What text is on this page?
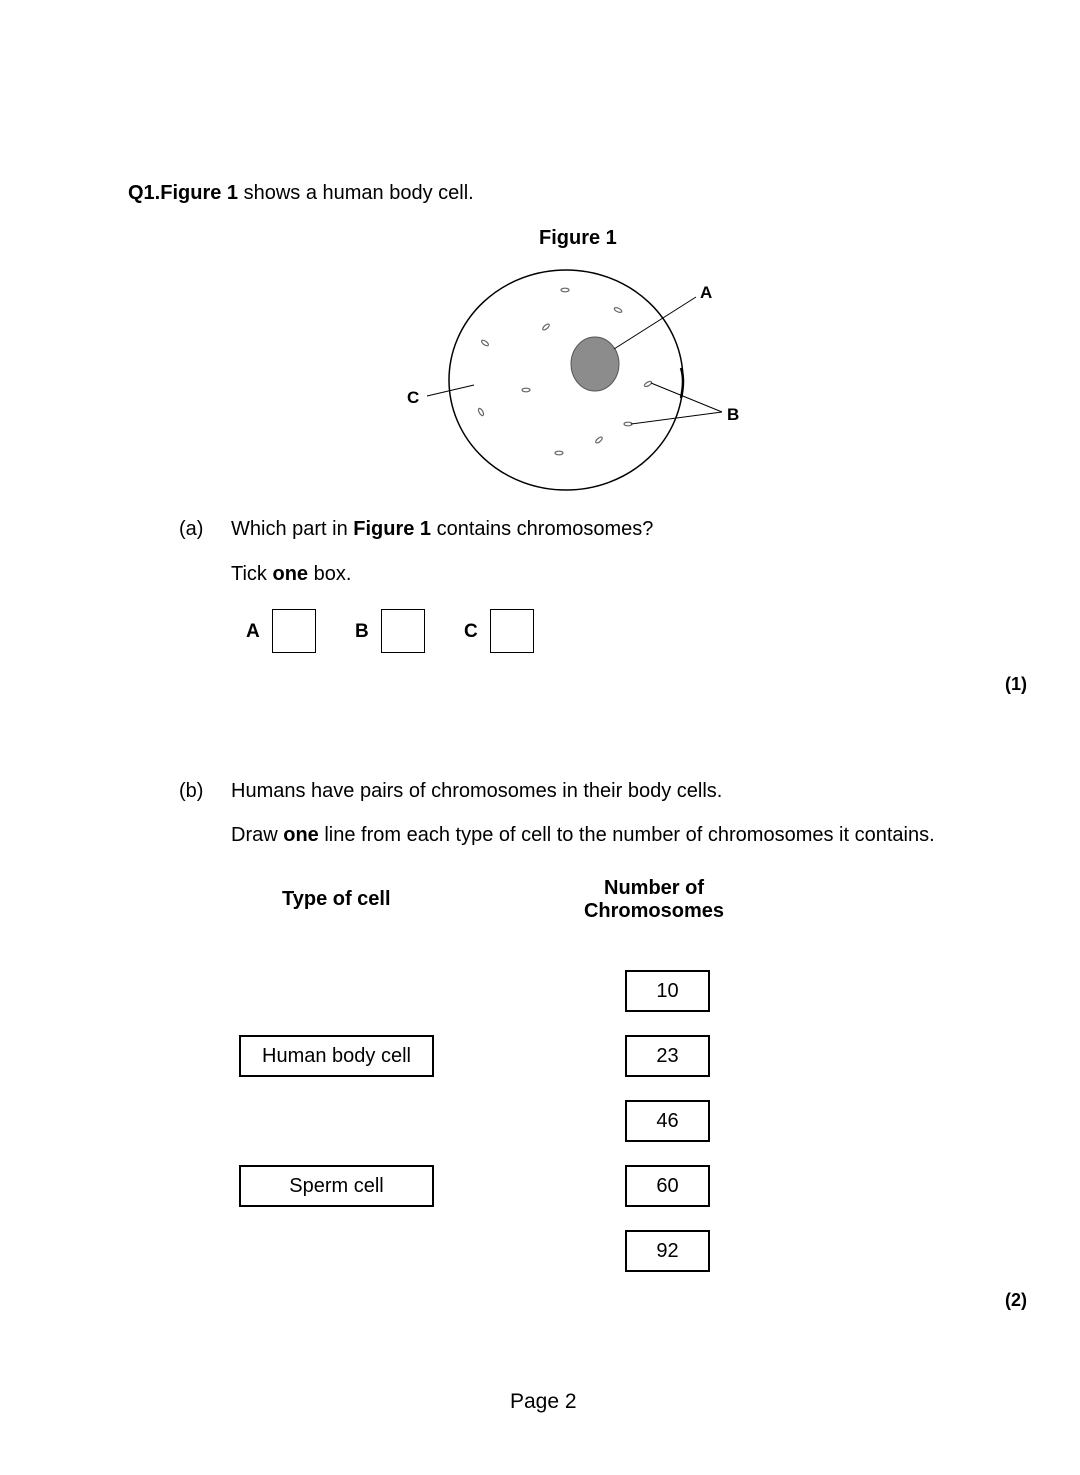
Q1.Figure 1 shows a human body cell.
Figure 1
A
B
C
(a) Which part in Figure 1 contains chromosomes?
Tick one box.
A	B	C
(1)
(b) Humans have pairs of chromosomes in their body cells.
Draw one line from each type of cell to the number of chromosomes it contains.
Type of cell	Number of
Chromosomes
Human body cell
Sperm cell
10
23
46
60
92
(2)
Page 2
